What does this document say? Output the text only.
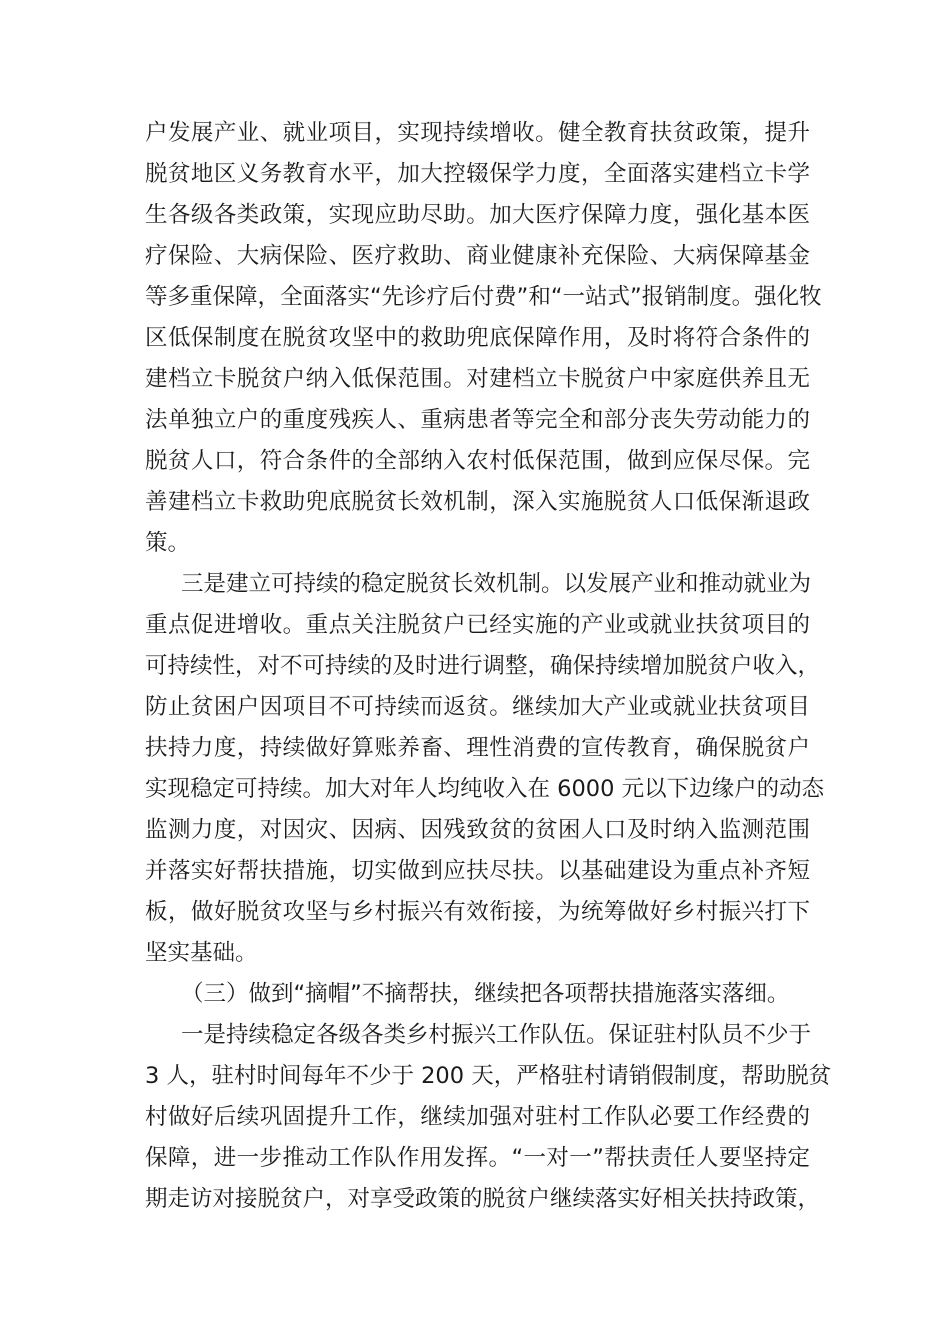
户发展产业、就业项目，实现持续增收。健全教育扶贫政策，提升
脱贫地区义务教育水平，加大控辍保学力度，全面落实建档立卡学
生各级各类政策，实现应助尽助。加大医疗保障力度，强化基本医
疗保险、大病保险、医疗救助、商业健康补充保险、大病保障基金
等多重保障，全面落实“先诊疗后付费”和“一站式”报销制度。强化牧
区低保制度在脱贫攻坚中的救助兜底保障作用，及时将符合条件的
建档立卡脱贫户纳入低保范围。对建档立卡脱贫户中家庭供养且无
法单独立户的重度残疾人、重病患者等完全和部分丧失劳动能力的
脱贫人口，符合条件的全部纳入农村低保范围，做到应保尽保。完
善建档立卡救助兜底脱贫长效机制，深入实施脱贫人口低保渐退政
策。
三是建立可持续的稳定脱贫长效机制。以发展产业和推动就业为
重点促进增收。重点关注脱贫户已经实施的产业或就业扶贫项目的
可持续性，对不可持续的及时进行调整，确保持续增加脱贫户收入，
防止贫困户因项目不可持续而返贫。继续加大产业或就业扶贫项目
扶持力度，持续做好算账养畜、理性消费的宣传教育，确保脱贫户
实现稳定可持续。加大对年人均纯收入在 6000 元以下边缘户的动态
监测力度，对因灾、因病、因残致贫的贫困人口及时纳入监测范围
并落实好帮扶措施，切实做到应扶尽扶。以基础建设为重点补齐短
板，做好脱贫攻坚与乡村振兴有效衔接，为统筹做好乡村振兴打下
坚实基础。
（三）做到“摘帽”不摘帮扶，继续把各项帮扶措施落实落细。
一是持续稳定各级各类乡村振兴工作队伍。保证驻村队员不少于
3 人，驻村时间每年不少于 200 天，严格驻村请销假制度，帮助脱贫
村做好后续巩固提升工作，继续加强对驻村工作队必要工作经费的
保障，进一步推动工作队作用发挥。“一对一”帮扶责任人要坚持定
期走访对接脱贫户，对享受政策的脱贫户继续落实好相关扶持政策，
